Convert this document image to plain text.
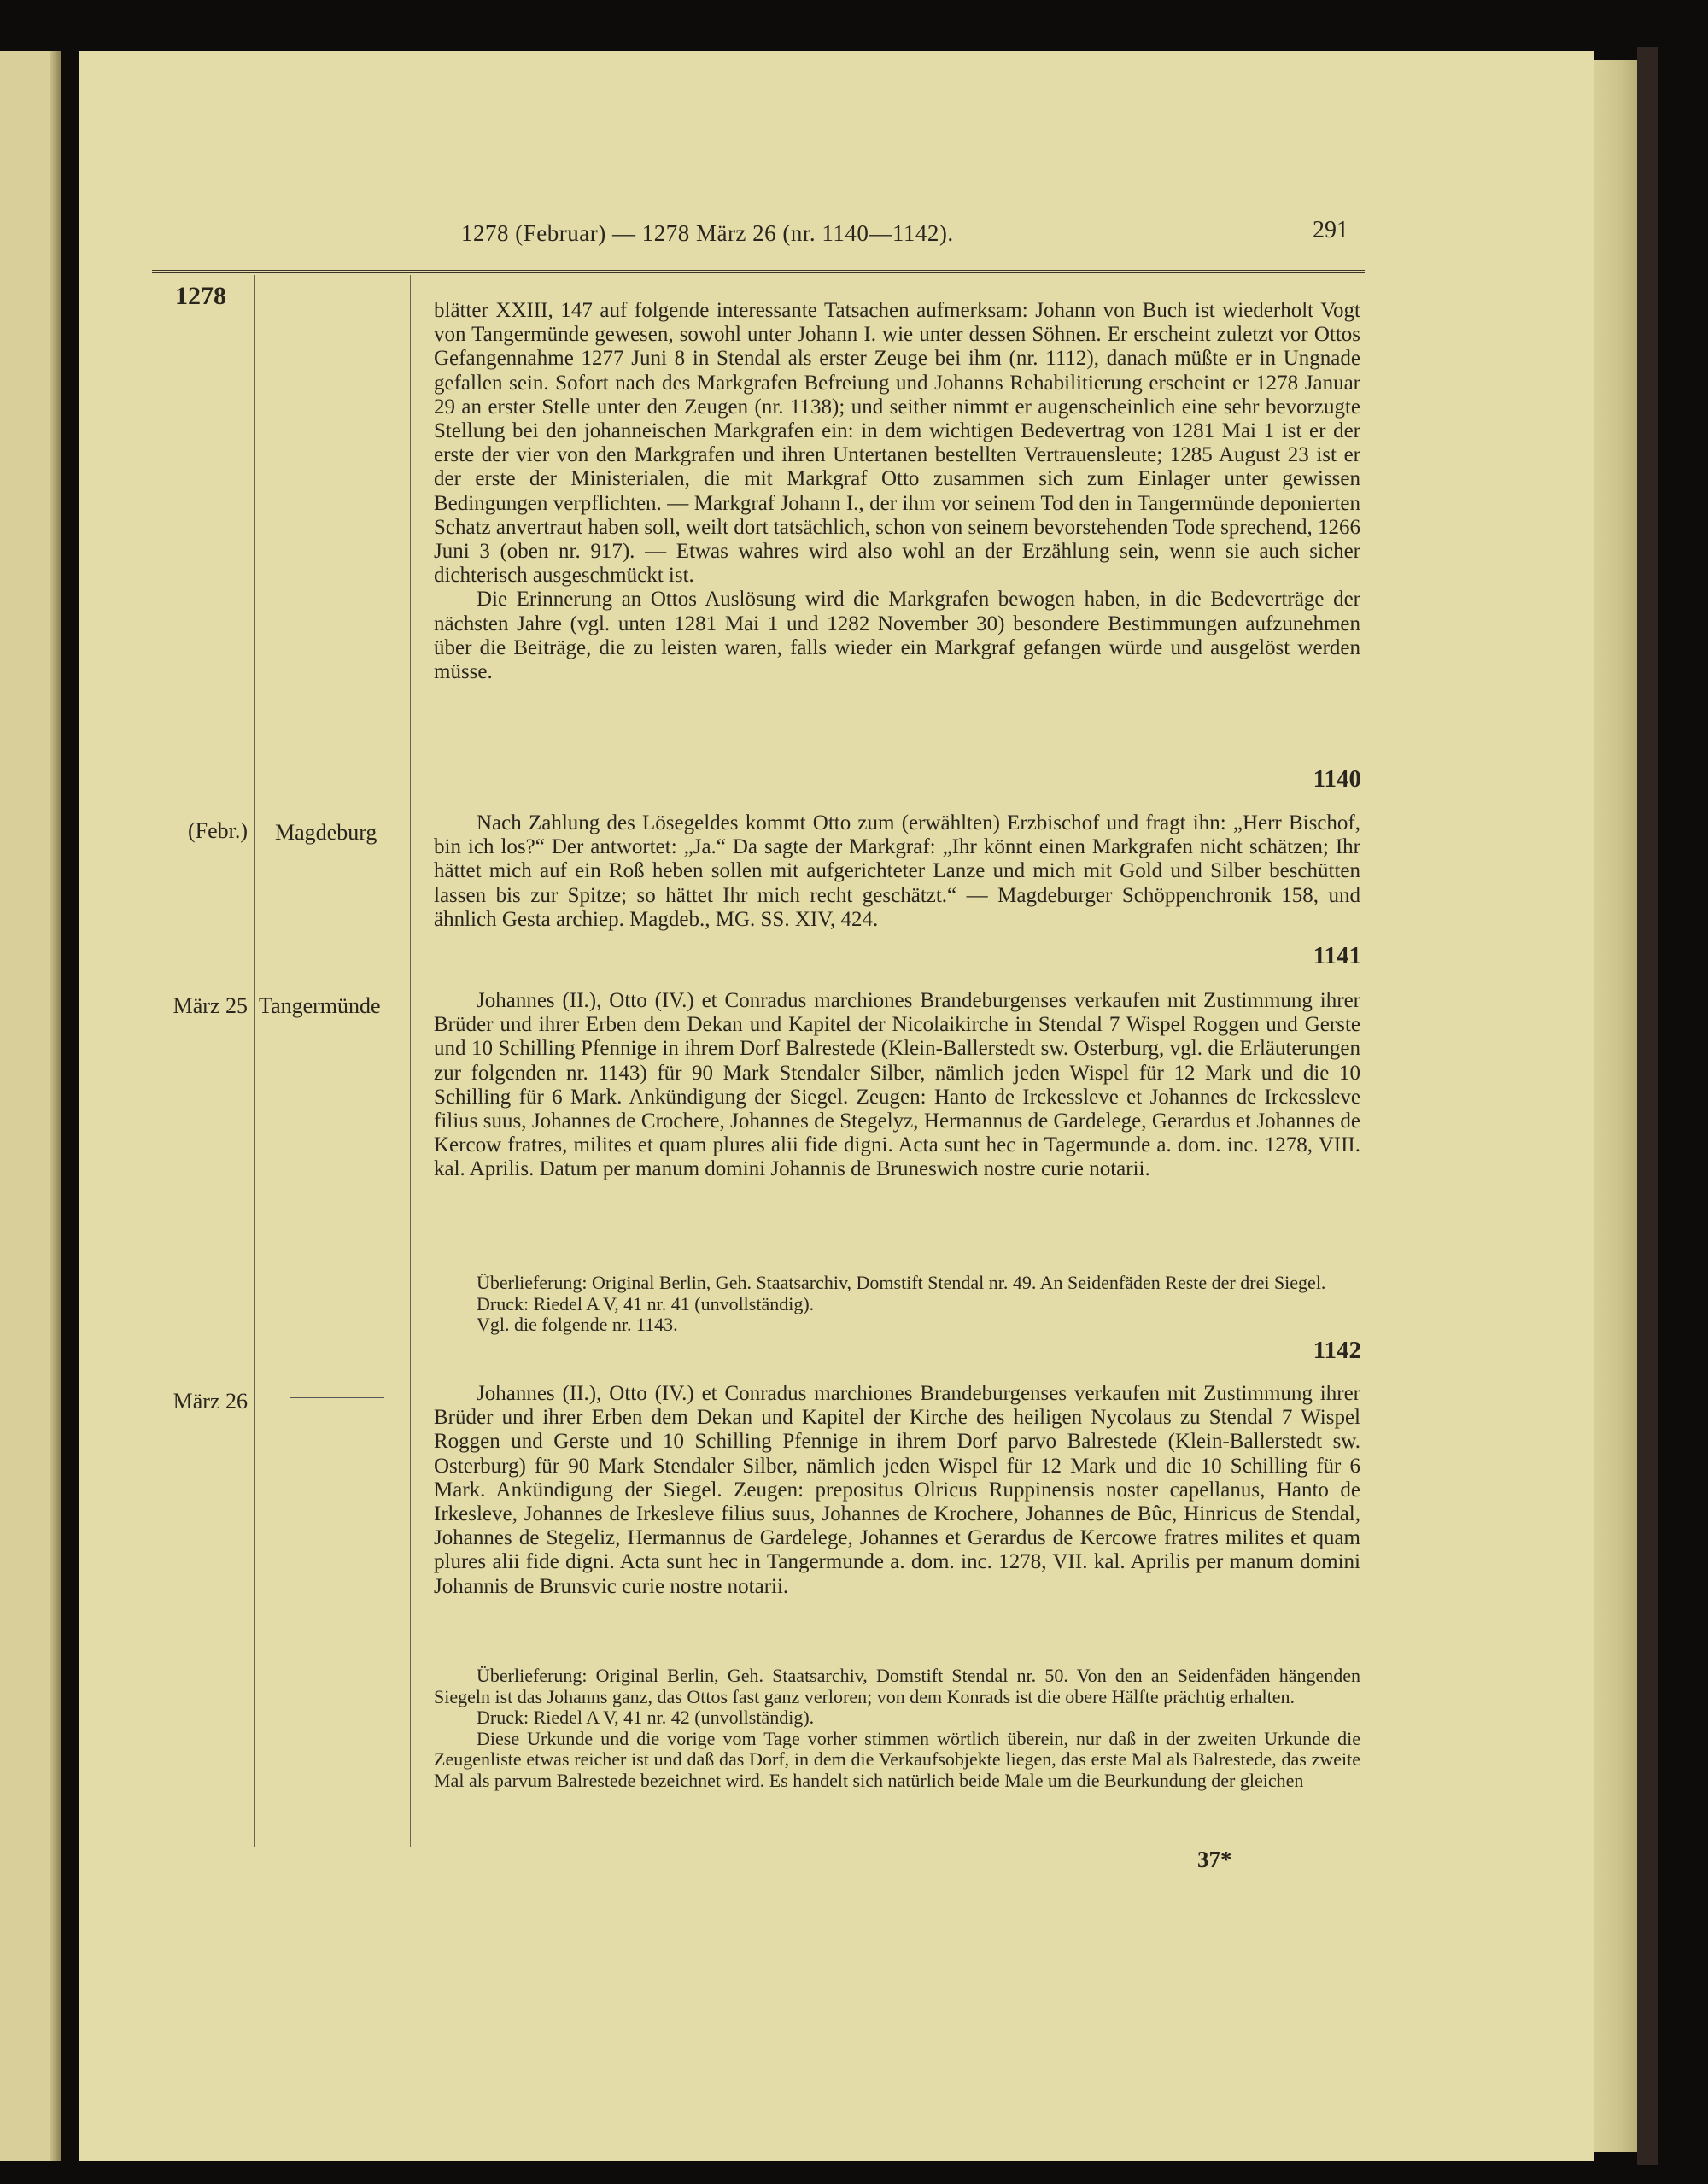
1278 (Februar) — 1278 März 26 (nr. 1140—1142).	291
1278
(Febr.) Magdeburg
März 25 Tangermünde
März 26

blätter XXIII, 147 auf folgende interessante Tatsachen aufmerksam: Johann von Buch ist wiederholt Vogt von Tangermünde gewesen, sowohl unter Johann I. wie unter dessen Söhnen. Er erscheint zuletzt vor Ottos Gefangennahme 1277 Juni 8 in Stendal als erster Zeuge bei ihm (nr. 1112), danach müßte er in Ungnade gefallen sein. Sofort nach des Markgrafen Befreiung und Johanns Rehabilitierung erscheint er 1278 Januar 29 an erster Stelle unter den Zeugen (nr. 1138); und seither nimmt er augenscheinlich eine sehr bevorzugte Stellung bei den johanneischen Markgrafen ein: in dem wichtigen Bedevertrag von 1281 Mai 1 ist er der erste der vier von den Markgrafen und ihren Untertanen bestellten Vertrauensleute; 1285 August 23 ist er der erste der Ministerialen, die mit Markgraf Otto zusammen sich zum Einlager unter gewissen Bedingungen verpflichten. — Markgraf Johann I., der ihm vor seinem Tod den in Tangermünde deponierten Schatz anvertraut haben soll, weilt dort tatsächlich, schon von seinem bevorstehenden Tode sprechend, 1266 Juni 3 (oben nr. 917). — Etwas wahres wird also wohl an der Erzählung sein, wenn sie auch sicher dichterisch ausgeschmückt ist.

Die Erinnerung an Ottos Auslösung wird die Markgrafen bewogen haben, in die Bedeverträge der nächsten Jahre (vgl. unten 1281 Mai 1 und 1282 November 30) besondere Bestimmungen aufzunehmen über die Beiträge, die zu leisten waren, falls wieder ein Markgraf gefangen würde und ausgelöst werden müsse.

1140

Nach Zahlung des Lösegeldes kommt Otto zum (erwählten) Erzbischof und fragt ihn: „Herr Bischof, bin ich los?“ Der antwortet: „Ja.“ Da sagte der Markgraf: „Ihr könnt einen Markgrafen nicht schätzen; Ihr hättet mich auf ein Roß heben sollen mit aufgerichteter Lanze und mich mit Gold und Silber beschütten lassen bis zur Spitze; so hättet Ihr mich recht geschätzt.“ — Magdeburger Schöppenchronik 158, und ähnlich Gesta archiep. Magdeb., MG. SS. XIV, 424.

1141

Johannes (II.), Otto (IV.) et Conradus marchiones Brandeburgenses verkaufen mit Zustimmung ihrer Brüder und ihrer Erben dem Dekan und Kapitel der Nicolaikirche in Stendal 7 Wispel Roggen und Gerste und 10 Schilling Pfennige in ihrem Dorf Balrestede (Klein-Ballerstedt sw. Osterburg, vgl. die Erläuterungen zur folgenden nr. 1143) für 90 Mark Stendaler Silber, nämlich jeden Wispel für 12 Mark und die 10 Schilling für 6 Mark. Ankündigung der Siegel. Zeugen: Hanto de Irckessleve et Johannes de Irckessleve filius suus, Johannes de Crochere, Johannes de Stegelyz, Hermannus de Gardelege, Gerardus et Johannes de Kercow fratres, milites et quam plures alii fide digni. Acta sunt hec in Tagermunde a. dom. inc. 1278, VIII. kal. Aprilis. Datum per manum domini Johannis de Bruneswich nostre curie notarii.

Überlieferung: Original Berlin, Geh. Staatsarchiv, Domstift Stendal nr. 49. An Seidenfäden Reste der drei Siegel.

Druck: Riedel A V, 41 nr. 41 (unvollständig).

Vgl. die folgende nr. 1143.

1142

Johannes (II.), Otto (IV.) et Conradus marchiones Brandeburgenses verkaufen mit Zustimmung ihrer Brüder und ihrer Erben dem Dekan und Kapitel der Kirche des heiligen Nycolaus zu Stendal 7 Wispel Roggen und Gerste und 10 Schilling Pfennige in ihrem Dorf parvo Balrestede (Klein-Ballerstedt sw. Osterburg) für 90 Mark Stendaler Silber, nämlich jeden Wispel für 12 Mark und die 10 Schilling für 6 Mark. Ankündigung der Siegel. Zeugen: prepositus Olricus Ruppinensis noster capellanus, Hanto de Irkesleve, Johannes de Irkesleve filius suus, Johannes de Krochere, Johannes de Bûc, Hinricus de Stendal, Johannes de Stegeliz, Hermannus de Gardelege, Johannes et Gerardus de Kercowe fratres milites et quam plures alii fide digni. Acta sunt hec in Tangermunde a. dom. inc. 1278, VII. kal. Aprilis per manum domini Johannis de Brunsvic curie nostre notarii.

Überlieferung: Original Berlin, Geh. Staatsarchiv, Domstift Stendal nr. 50. Von den an Seidenfäden hängenden Siegeln ist das Johanns ganz, das Ottos fast ganz verloren; von dem Konrads ist die obere Hälfte prächtig erhalten.

Druck: Riedel A V, 41 nr. 42 (unvollständig).

Diese Urkunde und die vorige vom Tage vorher stimmen wörtlich überein, nur daß in der zweiten Urkunde die Zeugenliste etwas reicher ist und daß das Dorf, in dem die Verkaufsobjekte liegen, das erste Mal als Balrestede, das zweite Mal als parvum Balrestede bezeichnet wird. Es handelt sich natürlich beide Male um die Beurkundung der gleichen

37*
